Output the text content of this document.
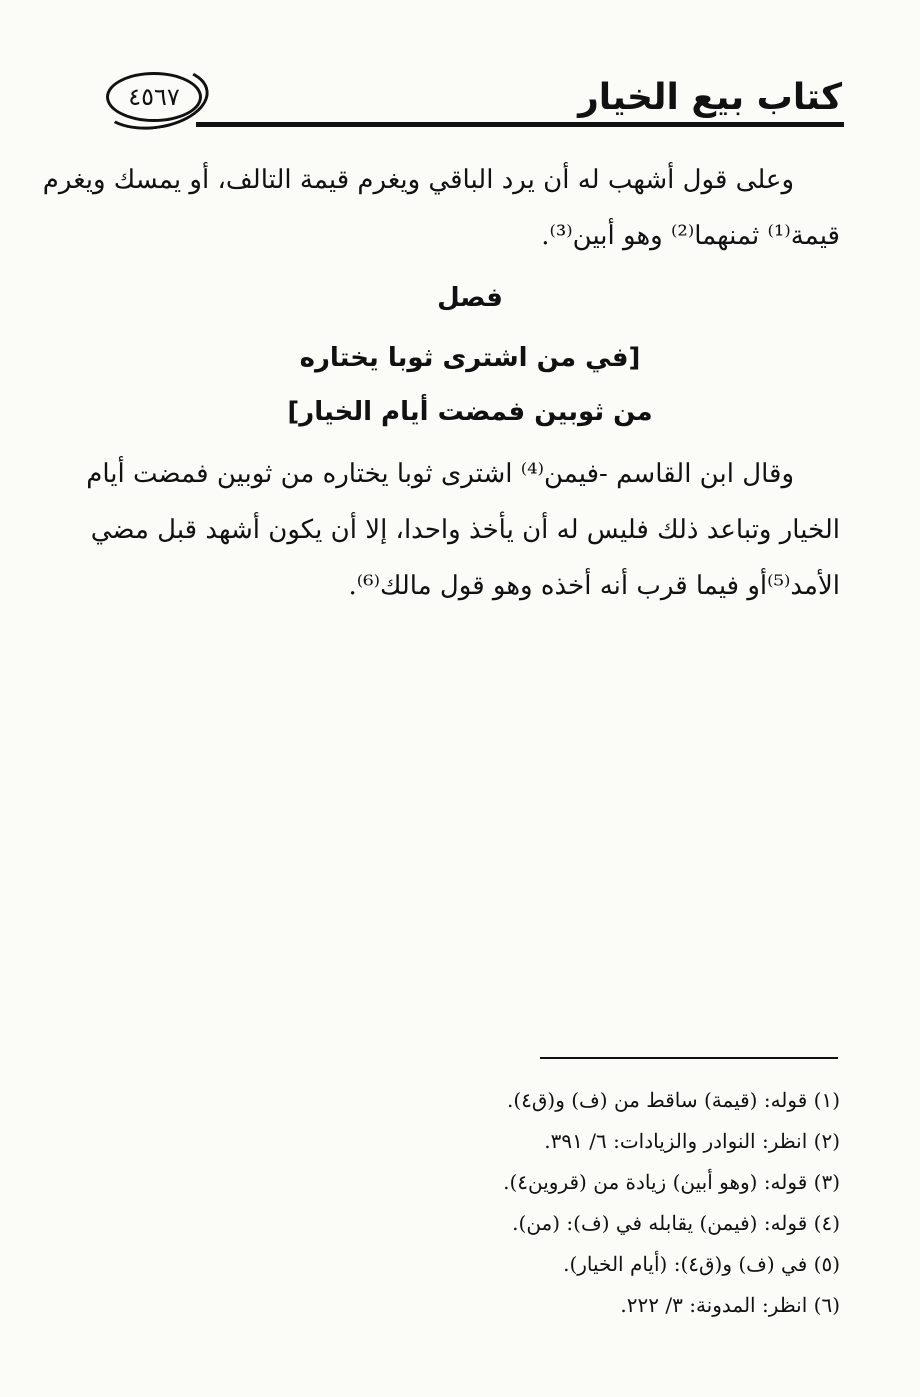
كتاب بيع الخيار
٤٥٦٧
وعلى قول أشهب له أن يرد الباقي ويغرم قيمة التالف، أو يمسك ويغرم
قيمة⁽¹⁾ ثمنهما⁽²⁾ وهو أبين⁽³⁾.
فصل
[في من اشترى ثوبا يختاره
من ثوبين فمضت أيام الخيار]
وقال ابن القاسم -فيمن⁽⁴⁾ اشترى ثوبا يختاره من ثوبين فمضت أيام
الخيار وتباعد ذلك فليس له أن يأخذ واحدا، إلا أن يكون أشهد قبل مضي
الأمد⁽⁵⁾أو فيما قرب أنه أخذه وهو قول مالك⁽⁶⁾.
(١) قوله: (قيمة) ساقط من (ف) و(ق٤).
(٢) انظر: النوادر والزيادات: ٦/ ٣٩١.
(٣) قوله: (وهو أبين) زيادة من (قروين٤).
(٤) قوله: (فيمن) يقابله في (ف): (من).
(٥) في (ف) و(ق٤): (أيام الخيار).
(٦) انظر: المدونة: ٣/ ٢٢٢.
